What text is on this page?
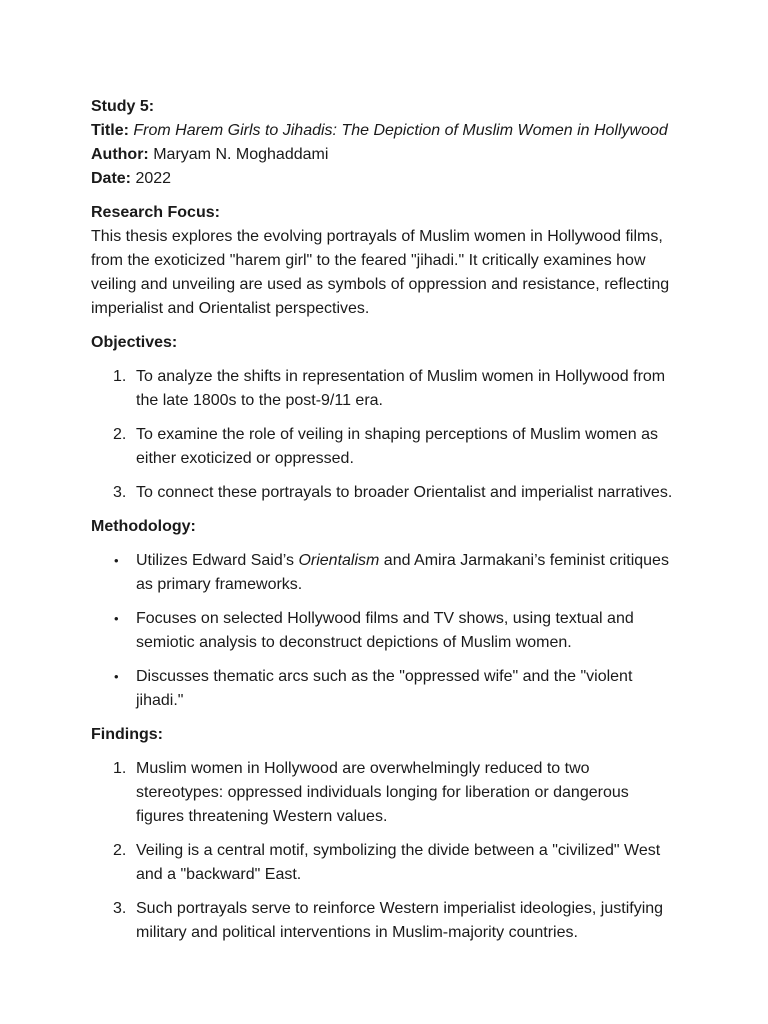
Study 5:

Title: From Harem Girls to Jihadis: The Depiction of Muslim Women in Hollywood

Author: Maryam N. Moghaddami

Date: 2022

Research Focus:

This thesis explores the evolving portrayals of Muslim women in Hollywood films, from the exoticized "harem girl" to the feared "jihadi." It critically examines how veiling and unveiling are used as symbols of oppression and resistance, reflecting imperialist and Orientalist perspectives.

Objectives:

1. To analyze the shifts in representation of Muslim women in Hollywood from the late 1800s to the post-9/11 era.
2. To examine the role of veiling in shaping perceptions of Muslim women as either exoticized or oppressed.
3. To connect these portrayals to broader Orientalist and imperialist narratives.

Methodology:

• Utilizes Edward Said’s Orientalism and Amira Jarmakani’s feminist critiques as primary frameworks.
• Focuses on selected Hollywood films and TV shows, using textual and semiotic analysis to deconstruct depictions of Muslim women.
• Discusses thematic arcs such as the "oppressed wife" and the "violent jihadi."

Findings:

1. Muslim women in Hollywood are overwhelmingly reduced to two stereotypes: oppressed individuals longing for liberation or dangerous figures threatening Western values.
2. Veiling is a central motif, symbolizing the divide between a "civilized" West and a "backward" East.
3. Such portrayals serve to reinforce Western imperialist ideologies, justifying military and political interventions in Muslim-majority countries.
